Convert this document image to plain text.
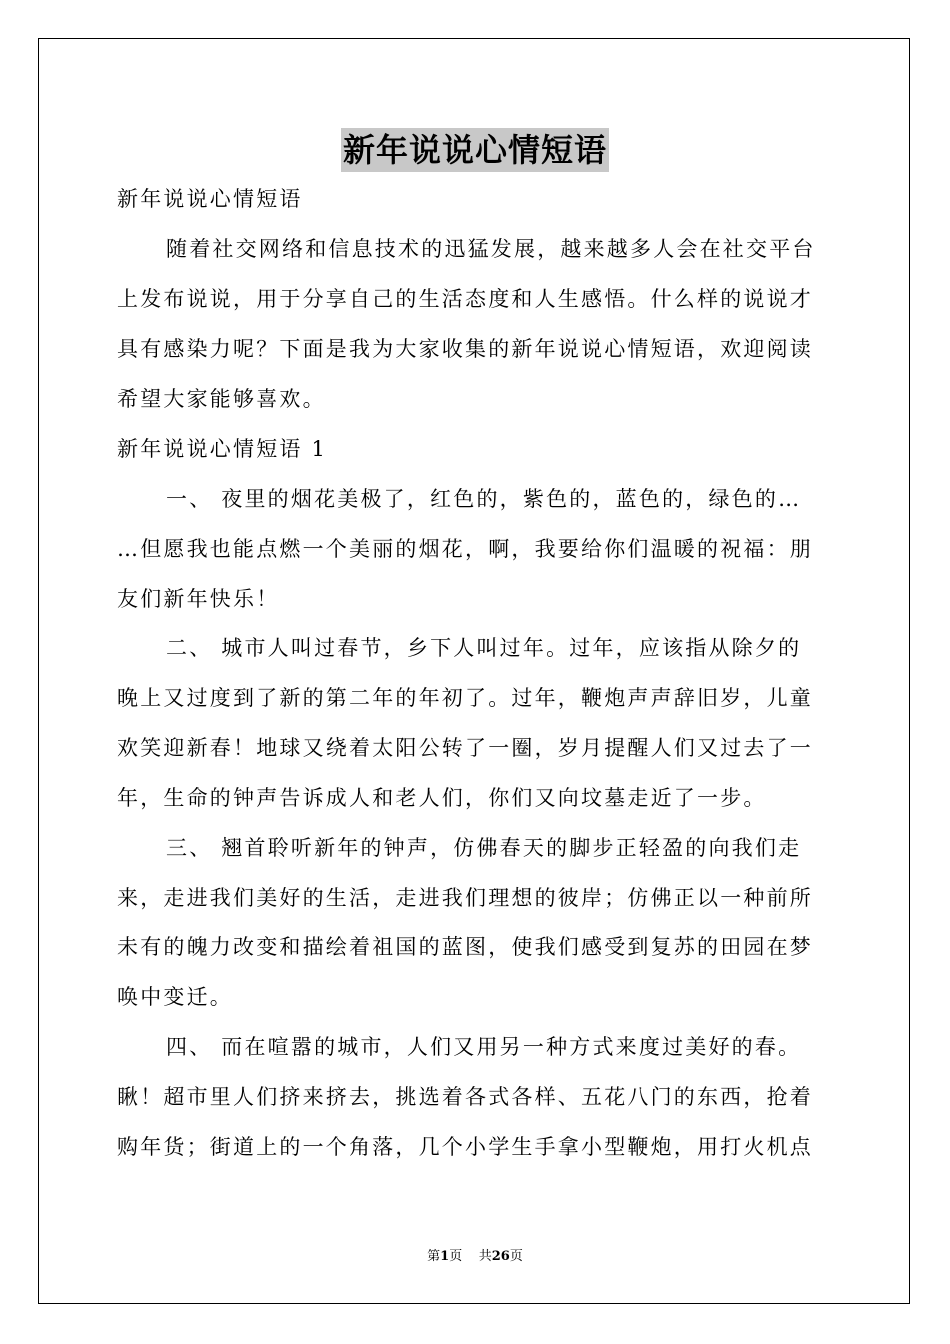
新年说说心情短语
新年说说心情短语
随着社交网络和信息技术的迅猛发展，越来越多人会在社交平台
上发布说说，用于分享自己的生活态度和人生感悟。什么样的说说才
具有感染力呢？下面是我为大家收集的新年说说心情短语，欢迎阅读
希望大家能够喜欢。
新年说说心情短语 1
一、 夜里的烟花美极了，红色的，紫色的，蓝色的，绿色的…
…但愿我也能点燃一个美丽的烟花，啊，我要给你们温暖的祝福：朋
友们新年快乐！
二、 城市人叫过春节，乡下人叫过年。过年，应该指从除夕的
晚上又过度到了新的第二年的年初了。过年，鞭炮声声辞旧岁，儿童
欢笑迎新春！地球又绕着太阳公转了一圈，岁月提醒人们又过去了一
年，生命的钟声告诉成人和老人们，你们又向坟墓走近了一步。
三、 翘首聆听新年的钟声，仿佛春天的脚步正轻盈的向我们走
来，走进我们美好的生活，走进我们理想的彼岸；仿佛正以一种前所
未有的魄力改变和描绘着祖国的蓝图，使我们感受到复苏的田园在梦
唤中变迁。
四、 而在喧嚣的城市，人们又用另一种方式来度过美好的春。
瞅！超市里人们挤来挤去，挑选着各式各样、五花八门的东西，抢着
购年货；街道上的一个角落，几个小学生手拿小型鞭炮，用打火机点
第1页 共26页
